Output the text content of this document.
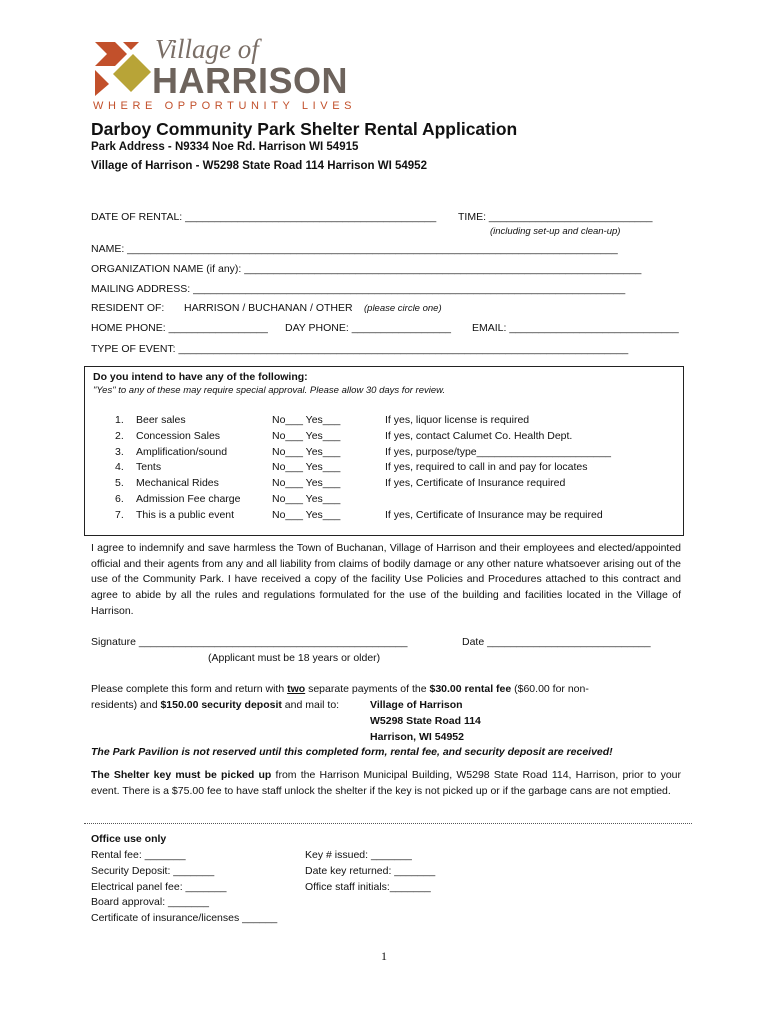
Village of
HARRISON
WHERE OPPORTUNITY LIVES
Darboy Community Park Shelter Rental Application
Park Address - N9334 Noe Rd. Harrison WI 54915
Village of Harrison - W5298 State Road 114 Harrison WI 54952
DATE OF RENTAL: ___________________________________________ TIME: ____________________________
(including set-up and clean-up)
NAME: ____________________________________________________________________________________
ORGANIZATION NAME (if any): ____________________________________________________________________
MAILING ADDRESS: __________________________________________________________________________
RESIDENT OF: HARRISON / BUCHANAN / OTHER (please circle one)
HOME PHONE: _________________ DAY PHONE: _________________ EMAIL: _____________________________
TYPE OF EVENT: _____________________________________________________________________________
Do you intend to have any of the following:
"Yes" to any of these may require special approval. Please allow 30 days for review.
1. Beer sales	No___ Yes___	If yes, liquor license is required
2. Concession Sales	No___ Yes___	If yes, contact Calumet Co. Health Dept.
3. Amplification/sound	No___ Yes___	If yes, purpose/type_______________________
4. Tents	No___ Yes___	If yes, required to call in and pay for locates
5. Mechanical Rides	No___ Yes___	If yes, Certificate of Insurance required
6. Admission Fee charge	No___ Yes___
7. This is a public event	No___ Yes___	If yes, Certificate of Insurance may be required
I agree to indemnify and save harmless the Town of Buchanan, Village of Harrison and their employees and elected/appointed official and their agents from any and all liability from claims of bodily damage or any other nature whatsoever arising out of the use of the Community Park. I have received a copy of the facility Use Policies and Procedures attached to this contract and agree to abide by all the rules and regulations formulated for the use of the building and facilities located in the Village of Harrison.
Signature ______________________________________________	Date ____________________________
(Applicant must be 18 years or older)
Please complete this form and return with two separate payments of the $30.00 rental fee ($60.00 for non-
residents) and $150.00 security deposit and mail to:	Village of Harrison
W5298 State Road 114
Harrison, WI 54952
The Park Pavilion is not reserved until this completed form, rental fee, and security deposit are received!
The Shelter key must be picked up from the Harrison Municipal Building, W5298 State Road 114, Harrison, prior to your event. There is a $75.00 fee to have staff unlock the shelter if the key is not picked up or if the garbage cans are not emptied.
Office use only
1
Rental fee: _______
Security Deposit: _______
Electrical panel fee: _______
Board approval: _______
Certificate of insurance/licenses ______
Key # issued: _______
Date key returned: _______
Office staff initials:_______
